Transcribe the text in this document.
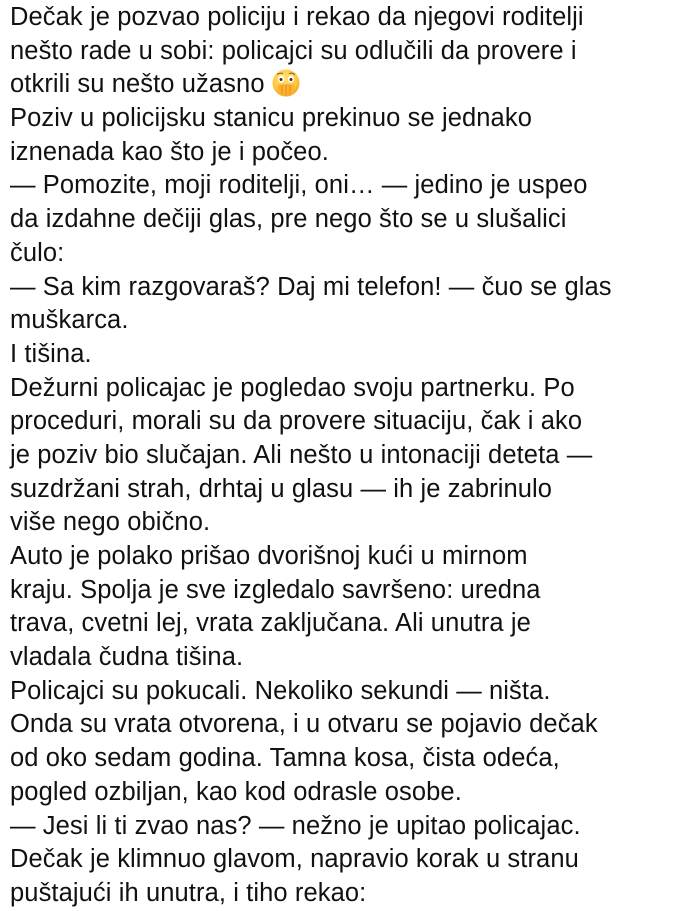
Dečak je pozvao policiju i rekao da njegovi roditelji
nešto rade u sobi: policajci su odlučili da provere i
otkrili su nešto užasno
Poziv u policijsku stanicu prekinuo se jednako
iznenada kao što je i počeo.
— Pomozite, moji roditelji, oni… — jedino je uspeo
da izdahne dečiji glas, pre nego što se u slušalici
čulo:
— Sa kim razgovaraš? Daj mi telefon! — čuo se glas
muškarca.
I tišina.
Dežurni policajac je pogledao svoju partnerku. Po
proceduri, morali su da provere situaciju, čak i ako
je poziv bio slučajan. Ali nešto u intonaciji deteta —
suzdržani strah, drhtaj u glasu — ih je zabrinulo
više nego obično.
Auto je polako prišao dvorišnoj kući u mirnom
kraju. Spolja je sve izgledalo savršeno: uredna
trava, cvetni lej, vrata zaključana. Ali unutra je
vladala čudna tišina.
Policajci su pokucali. Nekoliko sekundi — ništa.
Onda su vrata otvorena, i u otvaru se pojavio dečak
od oko sedam godina. Tamna kosa, čista odeća,
pogled ozbiljan, kao kod odrasle osobe.
— Jesi li ti zvao nas? — nežno je upitao policajac.
Dečak je klimnuo glavom, napravio korak u stranu
puštajući ih unutra, i tiho rekao:
